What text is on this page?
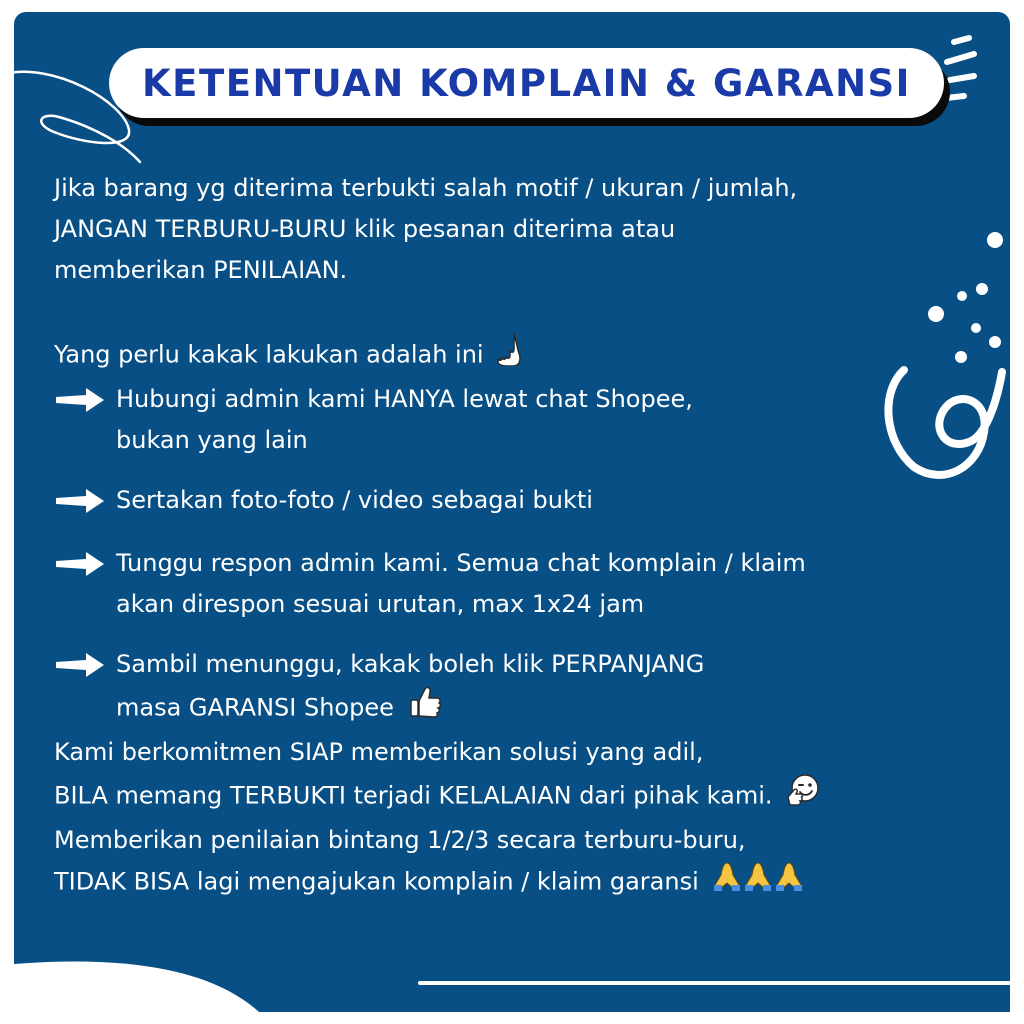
KETENTUAN KOMPLAIN & GARANSI

Jika barang yg diterima terbukti salah motif / ukuran / jumlah,
JANGAN TERBURU-BURU klik pesanan diterima atau
memberikan PENILAIAN.

Yang perlu kakak lakukan adalah ini

Hubungi admin kami HANYA lewat chat Shopee,
bukan yang lain
Sertakan foto-foto / video sebagai bukti
Tunggu respon admin kami. Semua chat komplain / klaim
akan direspon sesuai urutan, max 1x24 jam
Sambil menunggu, kakak boleh klik PERPANJANG
masa GARANSI Shopee

Kami berkomitmen SIAP memberikan solusi yang adil,
BILA memang TERBUKTI terjadi KELALAIAN dari pihak kami.

Memberikan penilaian bintang 1/2/3 secara terburu-buru,
TIDAK BISA lagi mengajukan komplain / klaim garansi
